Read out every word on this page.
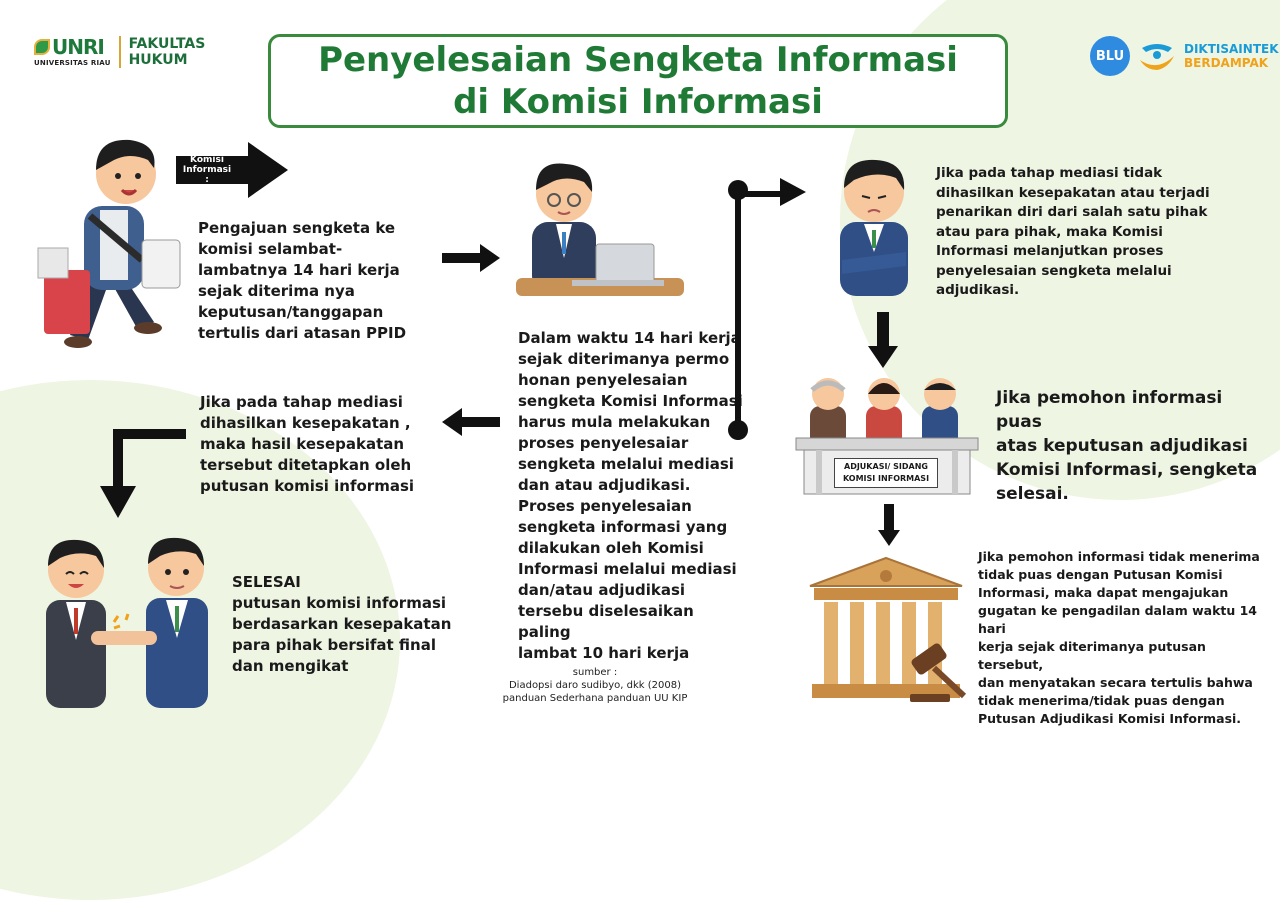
UNRI
UNIVERSITAS RIAU
FAKULTAS
HUKUM	BLU	DIKTISAINTEK
BERDAMPAK
Penyelesaian Sengketa Informasi
di Komisi Informasi
Komisi Informasi :
Pengajuan sengketa ke
komisi selambat-
lambatnya 14 hari kerja
sejak diterima nya
keputusan/tanggapan
tertulis dari atasan PPID	Dalam waktu 14 hari kerja
sejak diterimanya permo
honan penyelesaian
sengketa Komisi Informasi
harus mula melakukan
proses penyelesaiar
sengketa melalui mediasi
dan atau adjudikasi.
Proses penyelesaian
sengketa informasi yang
dilakukan oleh Komisi
Informasi melalui mediasi
dan/atau adjudikasi
tersebu diselesaikan paling
lambat 10 hari kerja
sumber :
Diadopsi daro sudibyo, dkk (2008)
panduan Sederhana panduan UU KIP
Jika pada tahap mediasi tidak
dihasilkan kesepakatan atau terjadi
penarikan diri dari salah satu pihak
atau para pihak, maka Komisi
Informasi melanjutkan proses
penyelesaian sengketa melalui
adjudikasi.
ADJUKASI/ SIDANG
KOMISI INFORMASI
Jika pemohon informasi puas
atas keputusan adjudikasi
Komisi Informasi, sengketa
selesai.
Jika pemohon informasi tidak menerima
tidak puas dengan Putusan Komisi
Informasi, maka dapat mengajukan
gugatan ke pengadilan dalam waktu 14 hari
kerja sejak diterimanya putusan tersebut,
dan menyatakan secara tertulis bahwa
tidak menerima/tidak puas dengan
Putusan Adjudikasi Komisi Informasi.
Jika pada tahap mediasi
dihasilkan kesepakatan ,
maka hasil kesepakatan
tersebut ditetapkan oleh
putusan komisi informasi
SELESAI
putusan komisi informasi
berdasarkan kesepakatan
para pihak bersifat final
dan mengikat
